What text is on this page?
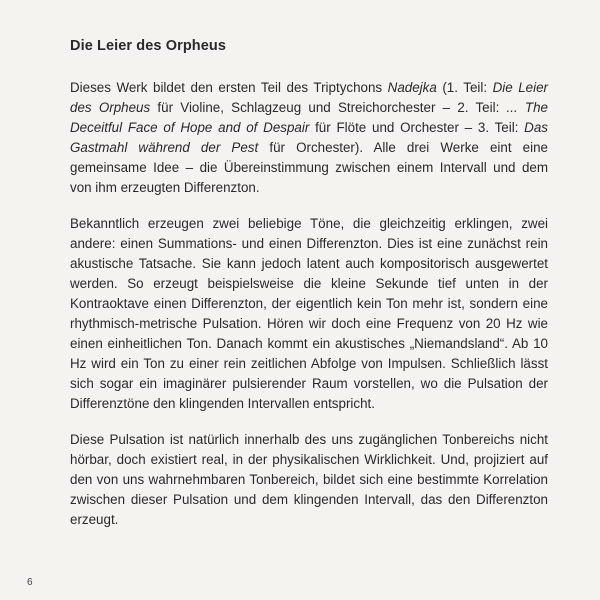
Die Leier des Orpheus

Dieses Werk bildet den ersten Teil des Triptychons Nadejka (1. Teil: Die Leier des Orpheus für Violine, Schlagzeug und Streichorchester – 2. Teil: ... The Deceitful Face of Hope and of Despair für Flöte und Orchester – 3. Teil: Das Gastmahl während der Pest für Orchester). Alle drei Werke eint eine gemeinsame Idee – die Übereinstimmung zwischen einem Intervall und dem von ihm erzeugten Differenzton.

Bekanntlich erzeugen zwei beliebige Töne, die gleichzeitig erklingen, zwei andere: einen Summations- und einen Differenzton. Dies ist eine zunächst rein akustische Tatsache. Sie kann jedoch latent auch kompositorisch ausgewertet werden. So erzeugt beispielsweise die kleine Sekunde tief unten in der Kontraoktave einen Differenzton, der eigentlich kein Ton mehr ist, sondern eine rhythmisch-metrische Pulsation. Hören wir doch eine Frequenz von 20 Hz wie einen einheitlichen Ton. Danach kommt ein akustisches „Niemandsland“. Ab 10 Hz wird ein Ton zu einer rein zeitlichen Abfolge von Impulsen. Schließlich lässt sich sogar ein imaginärer pulsierender Raum vorstellen, wo die Pulsation der Differenztöne den klingenden Intervallen entspricht.

Diese Pulsation ist natürlich innerhalb des uns zugänglichen Tonbereichs nicht hörbar, doch existiert real, in der physikalischen Wirklichkeit. Und, projiziert auf den von uns wahrnehmbaren Tonbereich, bildet sich eine bestimmte Korrelation zwischen dieser Pulsation und dem klingenden Intervall, das den Differenzton erzeugt.

6
